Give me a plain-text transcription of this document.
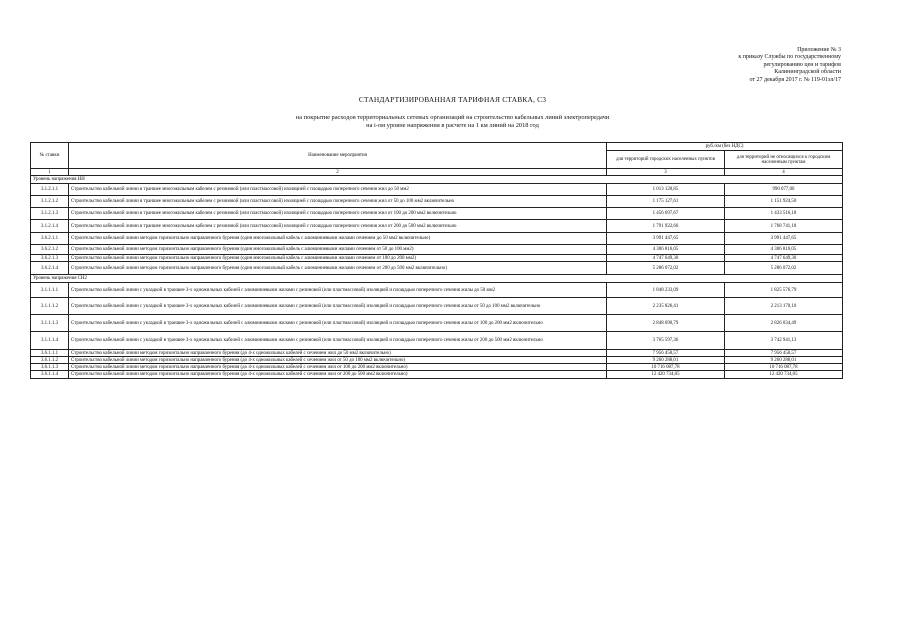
Приложение № 3
к приказу Службы по государственному
регулированию цен и тарифов
Калининградской области
от 27 декабря 2017 г. № 119-01эл/17
СТАНДАРТИЗИРОВАННАЯ ТАРИФНАЯ СТАВКА, С3
на покрытие расходов территориальных сетевых организаций на строительство кабельных линий электропередачи
на i-ом уровне напряжения в расчете на 1 км линий на 2018 год
№ ставки	Наименование мероприятия	руб./км (без НДС)	
		для территорий городских населенных пунктов	для территорий не относящихся к городским населенным пунктам
1	2	3	4
Уровень напряжения НН			
3.1.2.1.1	Строительство кабельной линии в траншее многожильным кабелем с резиновой (или пластмассовой) изоляцией с площадью поперечного сечения жил до 50 мм2	1 013 120,85	990 077,00
3.1.2.1.2	Строительство кабельной линии в траншее многожильным кабелем с резиновой (или пластмассовой) изоляцией с площадью поперечного сечения жил от 50 до 100 мм2 включительно	1 175 127,61	1 151 924,50
3.1.2.1.3	Строительство кабельной линии в траншее многожильным кабелем с резиновой (или пластмассовой) изоляцией с площадью поперечного сечения жил от 100 до 200 мм2 включительно	1 456 697,67	1 433 516,18
3.1.2.1.4	Строительство кабельной линии в траншее многожильным кабелем с резиновой (или пластмассовой) изоляцией с площадью поперечного сечения жил от 200 до 500 мм2 включительно	1 791 922,66	1 768 741,18
3.6.2.1.1	Строительство кабельной линии методом горизонтально направленного бурения (один многожильный кабель с алюминиевыми жилами сечением до 50 мм2 включительно)	3 991 447,65	3 991 447,65
3.6.2.1.2	Строительство кабельной линии методом горизонтально направленного бурения (один многожильный кабель с алюминиевыми жилами сечением от 50 до 100 мм2)	4 306 816,05	4 306 816,05
3.6.2.1.3	Строительство кабельной линии методом горизонтально направленного бурения (один многожильный кабель с алюминиевыми жилами сечением от 100 до 200 мм2)	4 747 649,30	4 747 649,30
3.6.2.1.4	Строительство кабельной линии методом горизонтально направленного бурения (один многожильный кабель с алюминиевыми жилами сечением от 200 до 500 мм2 включительно)	5 286 072,02	5 286 072,02
Уровень напряжения СН2			
3.1.1.1.1	Строительство кабельной линии с укладкой в траншее 3-х одножильных кабелей с алюминиевыми жилами с резиновой (или пластмассовой) изоляцией и площадью поперечного сечения жилы до 50 мм2	1 848 233,09	1 825 576,79
3.1.1.1.2	Строительство кабельной линии с укладкой в траншее 3-х одножильных кабелей с алюминиевыми жилами с резиновой (или пластмассовой) изоляцией и площадью поперечного сечения жилы от 50 до 100 мм2 включительно	2 235 826,41	2 213 170,10
3.1.1.1.3	Строительство кабельной линии с укладкой в траншее 3-х одножильных кабелей с алюминиевыми жилами с резиновой (или пластмассовой) изоляцией и площадью поперечного сечения жилы от 100 до 200 мм2 включительно	2 848 690,79	2 826 034,49
3.1.1.1.4	Строительство кабельной линии с укладкой в траншее 3-х одножильных кабелей с алюминиевыми жилами с резиновой (или пластмассовой) изоляцией и площадью поперечного сечения жилы от 200 до 500 мм2 включительно	3 765 597,36	3 742 941,13
3.6.1.1.1	Строительство кабельной линии методом горизонтально направленного бурения (до 4-х одножильных кабелей с сечением жил до 50 мм2 включительно)	7 956 458,57	7 956 458,57
3.6.1.1.2	Строительство кабельной линии методом горизонтально направленного бурения (до 4-х одножильных кабелей с сечением жил от 50 до 100 мм2 включительно)	9 260 288,01	9 260 288,01
3.6.1.1.3	Строительство кабельной линии методом горизонтально направленного бурения (до 4-х одножильных кабелей с сечением жил от 100 до 200 мм2 включительно)	10 716 087,78	10 716 087,78
3.6.1.1.4	Строительство кабельной линии методом горизонтально направленного бурения (до 4-х одножильных кабелей с сечением жил от 200 до 500 мм2 включительно)	12 420 734,05	12 420 734,05
